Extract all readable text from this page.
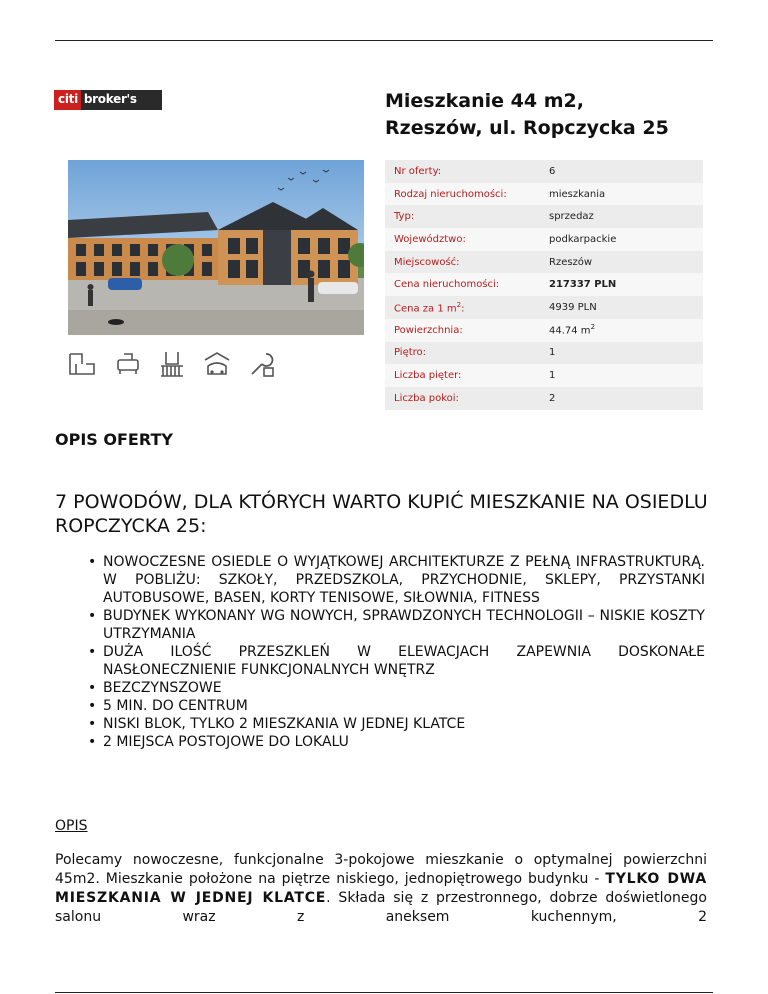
citi broker's	Mieszkanie 44 m2,
Rzeszów, ul. Ropczycka 25
Nr oferty:	6
Rodzaj nieruchomości:	mieszkania
Typ:	sprzedaz
Województwo:	podkarpackie
Miejscowość:	Rzeszów
Cena nieruchomości:	217337 PLN
Cena za 1 $m^2$:	4939 PLN
Powierzchnia:	44.74 $m^2$
Piętro:	1
Liczba pięter:	1
Liczba pokoi:	2
OPIS OFERTY
7 POWODÓW, DLA KTÓRYCH WARTO KUPIĆ MIESZKANIE NA OSIEDLU ROPCZYCKA 25:
• NOWOCZESNE OSIEDLE O WYJĄTKOWEJ ARCHITEKTURZE Z PEŁNĄ INFRASTRUKTURĄ. W POBLIŻU: SZKOŁY, PRZEDSZKOLA, PRZYCHODNIE, SKLEPY, PRZYSTANKI AUTOBUSOWE, BASEN, KORTY TENISOWE, SIŁOWNIA, FITNESS
• BUDYNEK WYKONANY WG NOWYCH, SPRAWDZONYCH TECHNOLOGII – NISKIE KOSZTY UTRZYMANIA
• DUŻA ILOŚĆ PRZESZKLEŃ W ELEWACJACH ZAPEWNIA DOSKONAŁE NASŁONECZNIENIE FUNKCJONALNYCH WNĘTRZ
• BEZCZYNSZOWE
• 5 MIN. DO CENTRUM
• NISKI BLOK, TYLKO 2 MIESZKANIA W JEDNEJ KLATCE
• 2 MIEJSCA POSTOJOWE DO LOKALU
OPIS
Polecamy nowoczesne, funkcjonalne 3-pokojowe mieszkanie o optymalnej powierzchni 45m2. Mieszkanie położone na piętrze niskiego, jednopiętrowego budynku - TYLKO DWA MIESZKANIA W JEDNEJ KLATCE. Składa się z przestronnego, dobrze doświetlonego salonu wraz z aneksem kuchennym, 2
